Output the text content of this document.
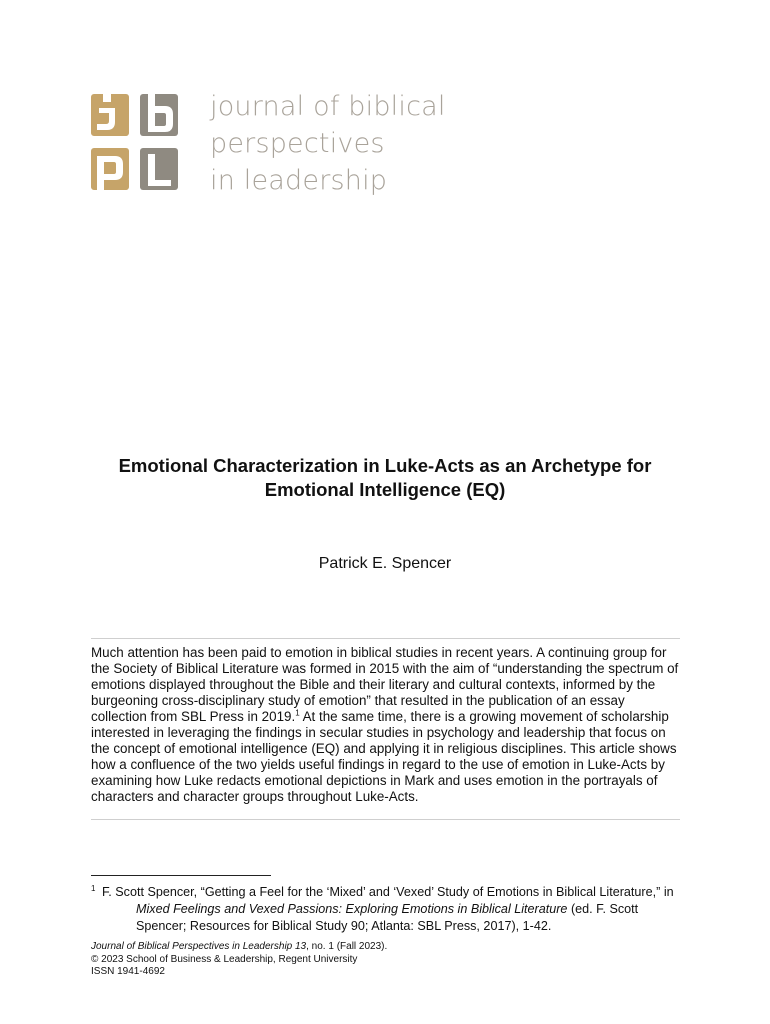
journal of biblical
perspectives
in leadership
Emotional Characterization in Luke-Acts as an Archetype for
Emotional Intelligence (EQ)
Patrick E. Spencer

Much attention has been paid to emotion in biblical studies in recent years. A continuing group for the Society of Biblical Literature was formed in 2015 with the aim of “understanding the spectrum of emotions displayed throughout the Bible and their literary and cultural contexts, informed by the burgeoning cross-disciplinary study of emotion” that resulted in the publication of an essay collection from SBL Press in 2019.$^1$ At the same time, there is a growing movement of scholarship interested in leveraging the findings in secular studies in psychology and leadership that focus on the concept of emotional intelligence (EQ) and applying it in religious disciplines. This article shows how a confluence of the two yields useful findings in regard to the use of emotion in Luke-Acts by examining how Luke redacts emotional depictions in Mark and uses emotion in the portrayals of characters and character groups throughout Luke-Acts.

$^1$ F. Scott Spencer, “Getting a Feel for the ‘Mixed’ and ‘Vexed’ Study of Emotions in Biblical Literature,” in
Mixed Feelings and Vexed Passions: Exploring Emotions in Biblical Literature (ed. F. Scott
Spencer; Resources for Biblical Study 90; Atlanta: SBL Press, 2017), 1-42.
Journal of Biblical Perspectives in Leadership 13, no. 1 (Fall 2023).
© 2023 School of Business & Leadership, Regent University
ISSN 1941-4692
